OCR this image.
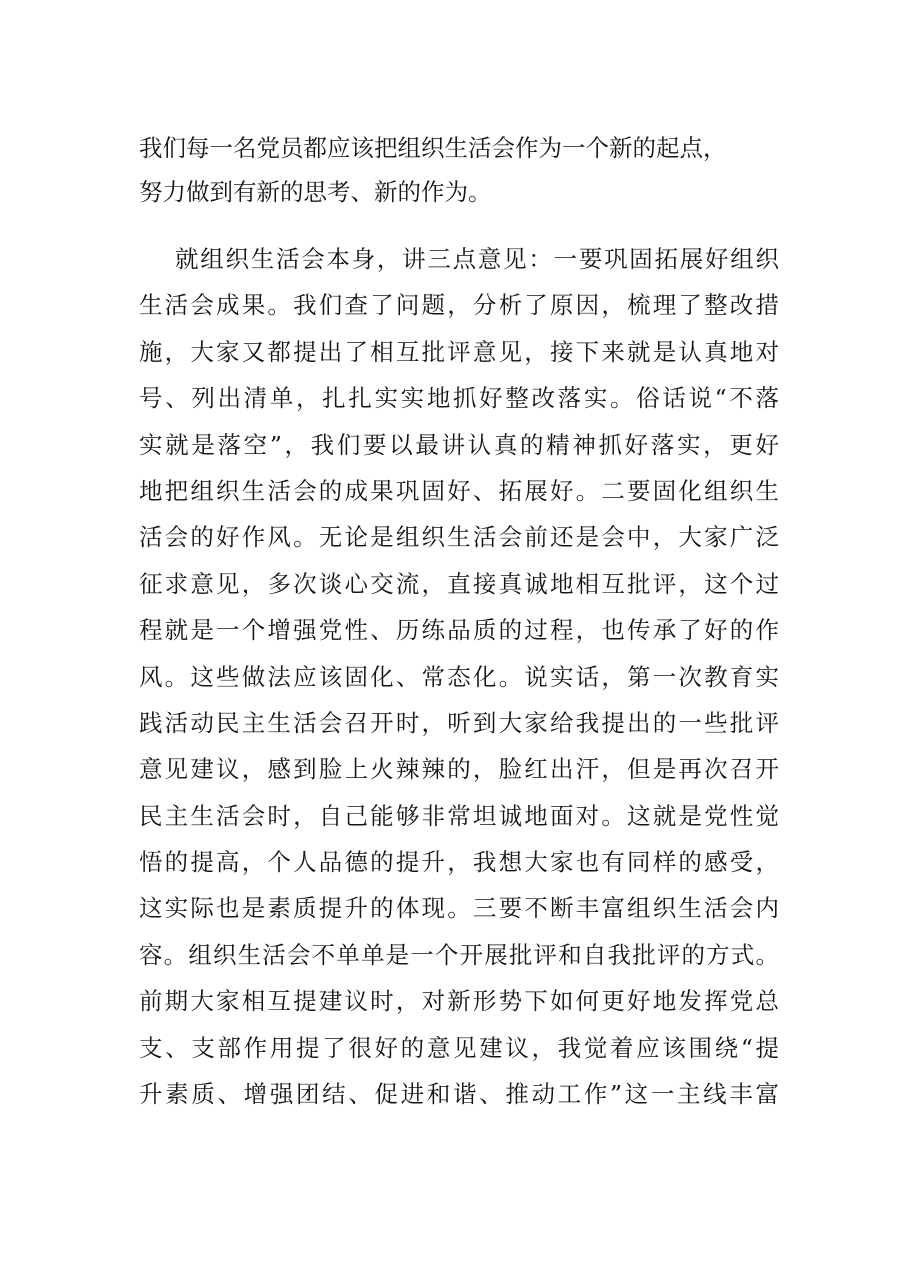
我们每一名党员都应该把组织生活会作为一个新的起点，
努力做到有新的思考、新的作为。
就组织生活会本身，讲三点意见：一要巩固拓展好组织
生活会成果。我们查了问题，分析了原因，梳理了整改措
施，大家又都提出了相互批评意见，接下来就是认真地对
号、列出清单，扎扎实实地抓好整改落实。俗话说“不落
实就是落空”，我们要以最讲认真的精神抓好落实，更好
地把组织生活会的成果巩固好、拓展好。二要固化组织生
活会的好作风。无论是组织生活会前还是会中，大家广泛
征求意见，多次谈心交流，直接真诚地相互批评，这个过
程就是一个增强党性、历练品质的过程，也传承了好的作
风。这些做法应该固化、常态化。说实话，第一次教育实
践活动民主生活会召开时，听到大家给我提出的一些批评
意见建议，感到脸上火辣辣的，脸红出汗，但是再次召开
民主生活会时，自己能够非常坦诚地面对。这就是党性觉
悟的提高，个人品德的提升，我想大家也有同样的感受，
这实际也是素质提升的体现。三要不断丰富组织生活会内
容。组织生活会不单单是一个开展批评和自我批评的方式。
前期大家相互提建议时，对新形势下如何更好地发挥党总
支、支部作用提了很好的意见建议，我觉着应该围绕“提
升素质、增强团结、促进和谐、推动工作”这一主线丰富
